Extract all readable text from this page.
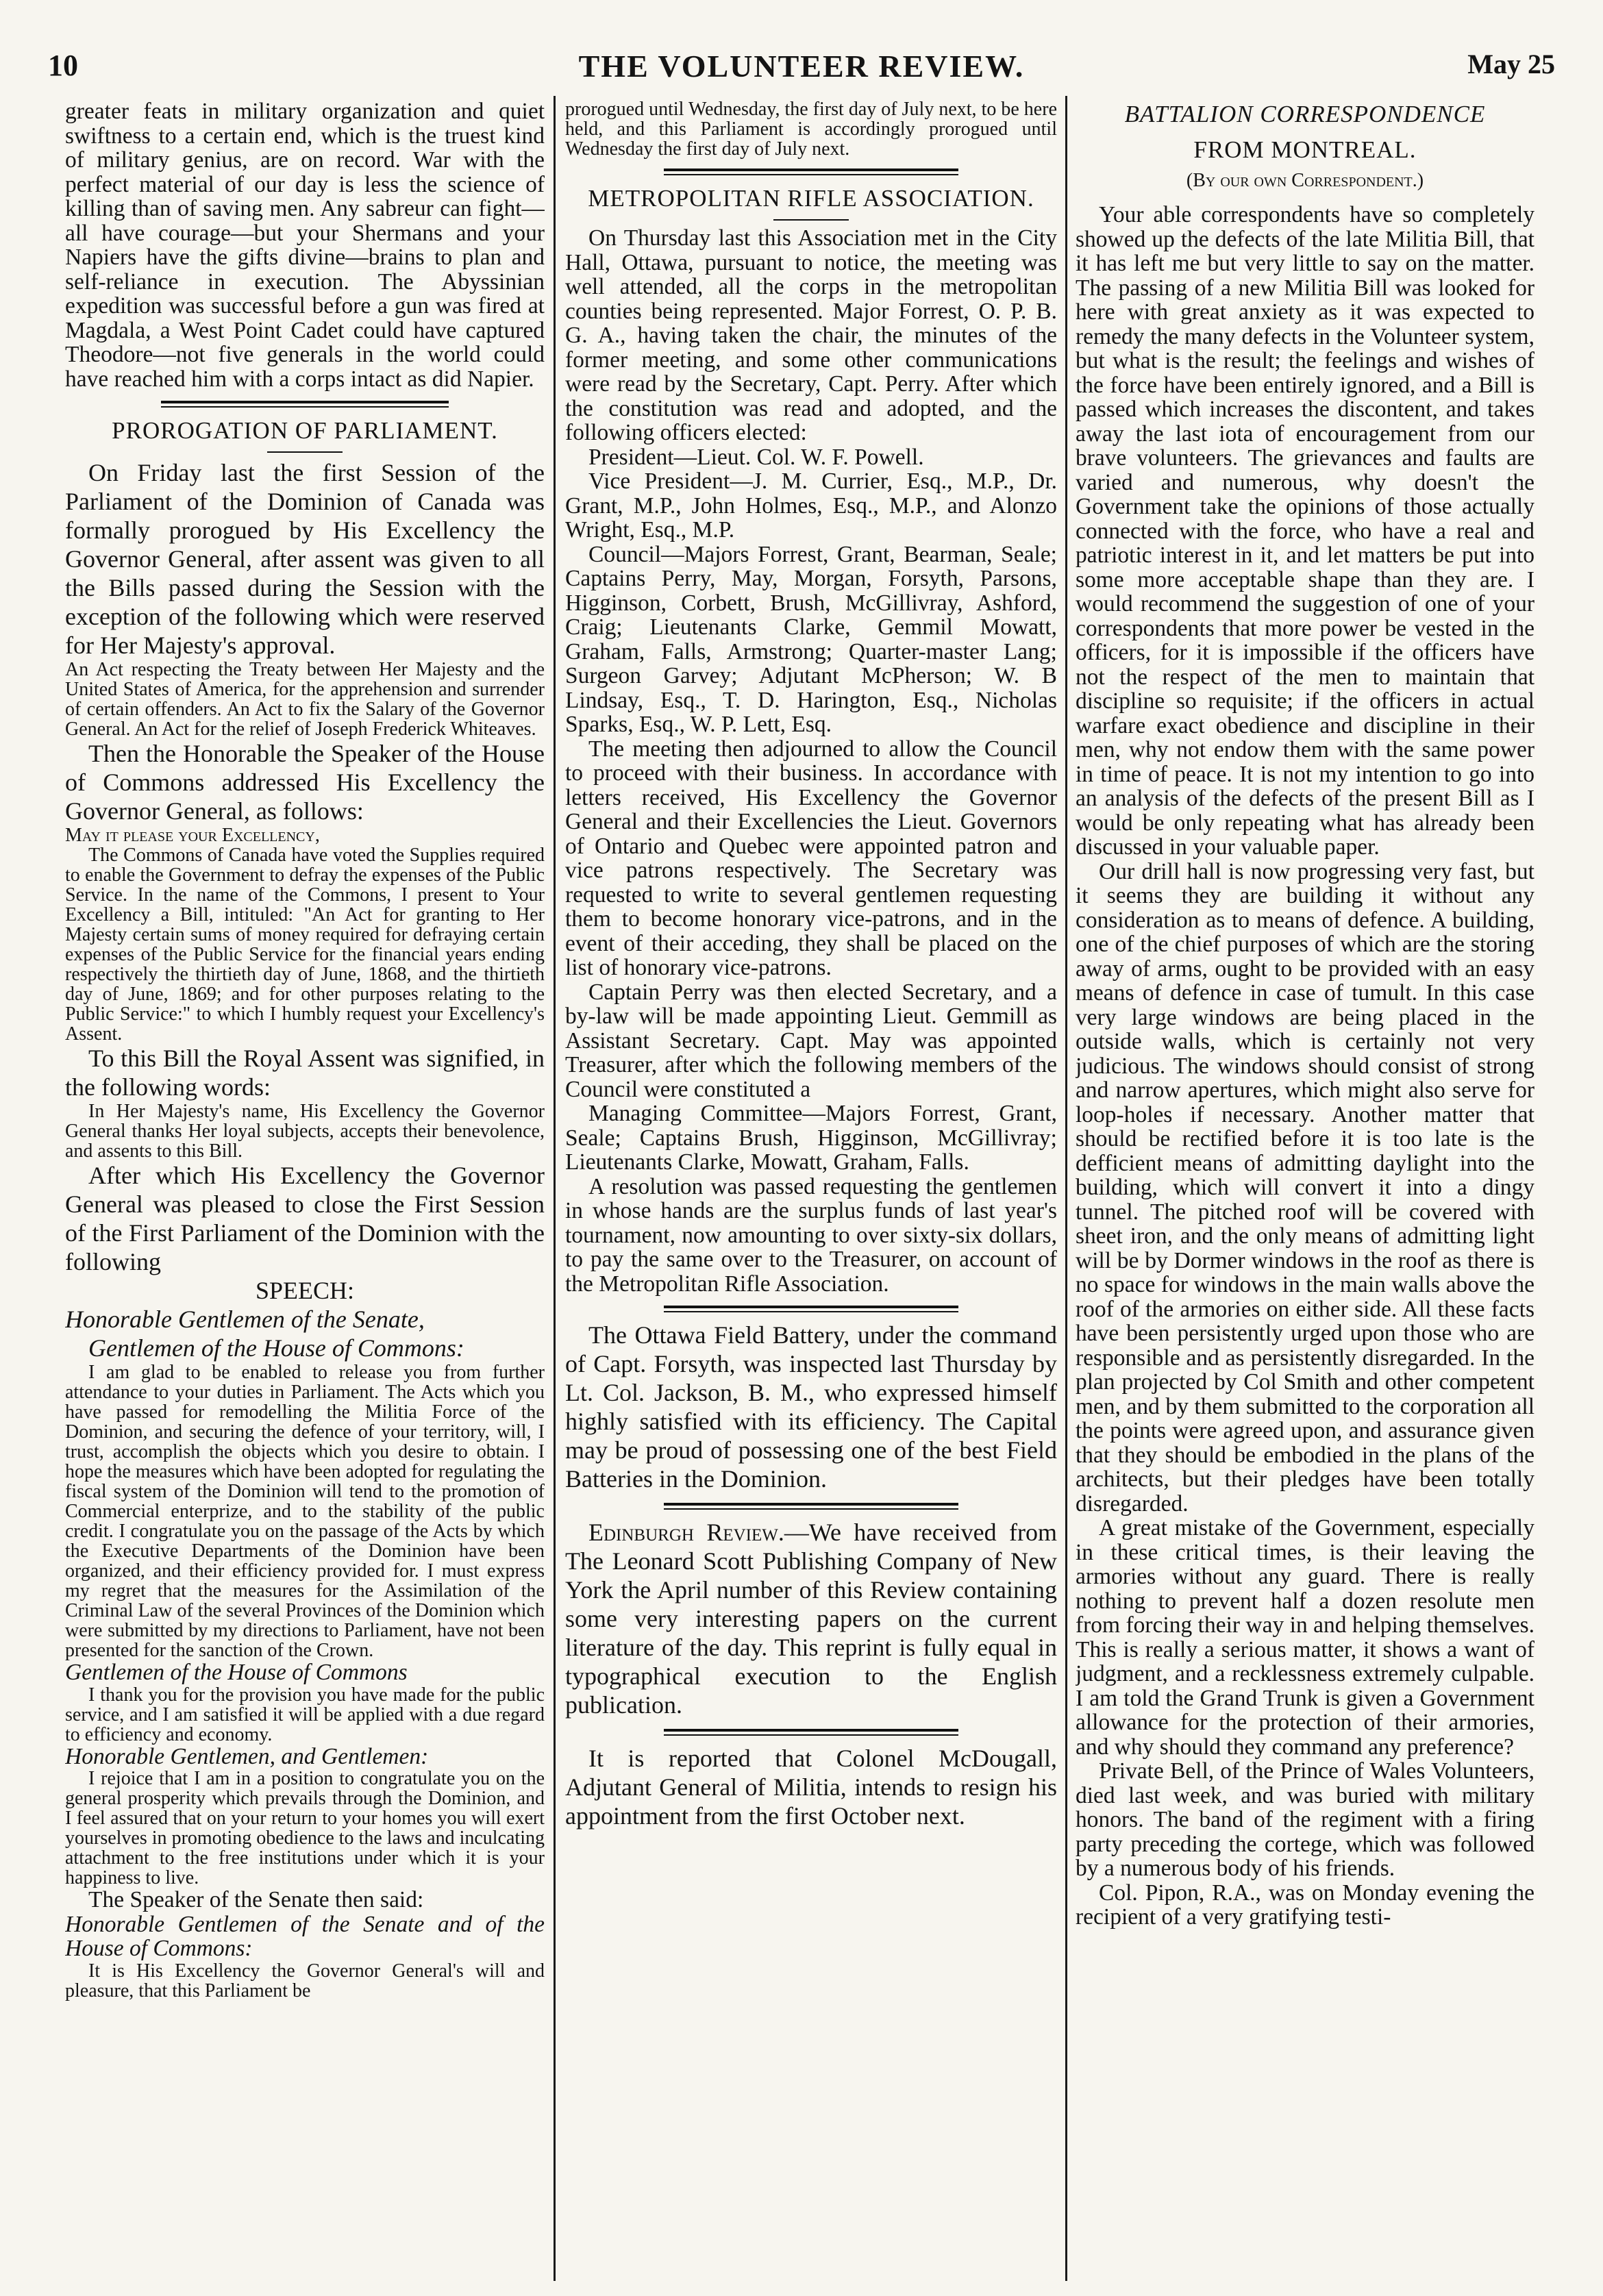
10	THE VOLUNTEER REVIEW.	May 25

greater feats in military organization and quiet swiftness to a certain end, which is the truest kind of military genius, are on record. War with the perfect material of our day is less the science of killing than of saving men. Any sabreur can fight—all have courage—but your Shermans and your Napiers have the gifts divine—brains to plan and self-reliance in execution. The Abyssinian expedition was successful before a gun was fired at Magdala, a West Point Cadet could have captured Theodore—not five generals in the world could have reached him with a corps intact as did Napier.

PROROGATION OF PARLIAMENT.

On Friday last the first Session of the Parliament of the Dominion of Canada was formally prorogued by His Excellency the Governor General, after assent was given to all the Bills passed during the Session with the exception of the following which were reserved for Her Majesty's approval.

An Act respecting the Treaty between Her Majesty and the United States of America, for the apprehension and surrender of certain offenders. An Act to fix the Salary of the Governor General. An Act for the relief of Joseph Frederick Whiteaves.

Then the Honorable the Speaker of the House of Commons addressed His Excellency the Governor General, as follows:

May it please your Excellency,

The Commons of Canada have voted the Supplies required to enable the Government to defray the expenses of the Public Service. In the name of the Commons, I present to Your Excellency a Bill, intituled: "An Act for granting to Her Majesty certain sums of money required for defraying certain expenses of the Public Service for the financial years ending respectively the thirtieth day of June, 1868, and the thirtieth day of June, 1869; and for other purposes relating to the Public Service:" to which I humbly request your Excellency's Assent.

To this Bill the Royal Assent was signified, in the following words:

In Her Majesty's name, His Excellency the Governor General thanks Her loyal subjects, accepts their benevolence, and assents to this Bill.

After which His Excellency the Governor General was pleased to close the First Session of the First Parliament of the Dominion with the following

SPEECH:

Honorable Gentlemen of the Senate,

Gentlemen of the House of Commons:

I am glad to be enabled to release you from further attendance to your duties in Parliament. The Acts which you have passed for remodelling the Militia Force of the Dominion, and securing the defence of your territory, will, I trust, accomplish the objects which you desire to obtain. I hope the measures which have been adopted for regulating the fiscal system of the Dominion will tend to the promotion of Commercial enterprize, and to the stability of the public credit. I congratulate you on the passage of the Acts by which the Executive Departments of the Dominion have been organized, and their efficiency provided for. I must express my regret that the measures for the Assimilation of the Criminal Law of the several Provinces of the Dominion which were submitted by my directions to Parliament, have not been presented for the sanction of the Crown.

Gentlemen of the House of Commons

I thank you for the provision you have made for the public service, and I am satisfied it will be applied with a due regard to efficiency and economy.

Honorable Gentlemen, and Gentlemen:

I rejoice that I am in a position to congratulate you on the general prosperity which prevails through the Dominion, and I feel assured that on your return to your homes you will exert yourselves in promoting obedience to the laws and inculcating attachment to the free institutions under which it is your happiness to live.

The Speaker of the Senate then said:

Honorable Gentlemen of the Senate and of the House of Commons:

It is His Excellency the Governor General's will and pleasure, that this Parliament be

prorogued until Wednesday, the first day of July next, to be here held, and this Parliament is accordingly prorogued until Wednesday the first day of July next.

METROPOLITAN RIFLE ASSOCIATION.

On Thursday last this Association met in the City Hall, Ottawa, pursuant to notice, the meeting was well attended, all the corps in the metropolitan counties being represented. Major Forrest, O. P. B. G. A., having taken the chair, the minutes of the former meeting, and some other communications were read by the Secretary, Capt. Perry. After which the constitution was read and adopted, and the following officers elected:

President—Lieut. Col. W. F. Powell.

Vice President—J. M. Currier, Esq., M.P., Dr. Grant, M.P., John Holmes, Esq., M.P., and Alonzo Wright, Esq., M.P.

Council—Majors Forrest, Grant, Bearman, Seale; Captains Perry, May, Morgan, Forsyth, Parsons, Higginson, Corbett, Brush, McGillivray, Ashford, Craig; Lieutenants Clarke, Gemmil Mowatt, Graham, Falls, Armstrong; Quarter-master Lang; Surgeon Garvey; Adjutant McPherson; W. B Lindsay, Esq., T. D. Harington, Esq., Nicholas Sparks, Esq., W. P. Lett, Esq.

The meeting then adjourned to allow the Council to proceed with their business. In accordance with letters received, His Excellency the Governor General and their Excellencies the Lieut. Governors of Ontario and Quebec were appointed patron and vice patrons respectively. The Secretary was requested to write to several gentlemen requesting them to become honorary vice-patrons, and in the event of their acceding, they shall be placed on the list of honorary vice-patrons.

Captain Perry was then elected Secretary, and a by-law will be made appointing Lieut. Gemmill as Assistant Secretary. Capt. May was appointed Treasurer, after which the following members of the Council were constituted a

Managing Committee—Majors Forrest, Grant, Seale; Captains Brush, Higginson, McGillivray; Lieutenants Clarke, Mowatt, Graham, Falls.

A resolution was passed requesting the gentlemen in whose hands are the surplus funds of last year's tournament, now amounting to over sixty-six dollars, to pay the same over to the Treasurer, on account of the Metropolitan Rifle Association.

The Ottawa Field Battery, under the command of Capt. Forsyth, was inspected last Thursday by Lt. Col. Jackson, B. M., who expressed himself highly satisfied with its efficiency. The Capital may be proud of possessing one of the best Field Batteries in the Dominion.

Edinburgh Review.—We have received from The Leonard Scott Publishing Company of New York the April number of this Review containing some very interesting papers on the current literature of the day. This reprint is fully equal in typographical execution to the English publication.

It is reported that Colonel McDougall, Adjutant General of Militia, intends to resign his appointment from the first October next.

BATTALION CORRESPONDENCE
FROM MONTREAL.
(By our own Correspondent.)

Your able correspondents have so completely showed up the defects of the late Militia Bill, that it has left me but very little to say on the matter. The passing of a new Militia Bill was looked for here with great anxiety as it was expected to remedy the many defects in the Volunteer system, but what is the result; the feelings and wishes of the force have been entirely ignored, and a Bill is passed which increases the discontent, and takes away the last iota of encouragement from our brave volunteers. The grievances and faults are varied and numerous, why doesn't the Government take the opinions of those actually connected with the force, who have a real and patriotic interest in it, and let matters be put into some more acceptable shape than they are. I would recommend the suggestion of one of your correspondents that more power be vested in the officers, for it is impossible if the officers have not the respect of the men to maintain that discipline so requisite; if the officers in actual warfare exact obedience and discipline in their men, why not endow them with the same power in time of peace. It is not my intention to go into an analysis of the defects of the present Bill as I would be only repeating what has already been discussed in your valuable paper.

Our drill hall is now progressing very fast, but it seems they are building it without any consideration as to means of defence. A building, one of the chief purposes of which are the storing away of arms, ought to be provided with an easy means of defence in case of tumult. In this case very large windows are being placed in the outside walls, which is certainly not very judicious. The windows should consist of strong and narrow apertures, which might also serve for loop-holes if necessary. Another matter that should be rectified before it is too late is the defficient means of admitting daylight into the building, which will convert it into a dingy tunnel. The pitched roof will be covered with sheet iron, and the only means of admitting light will be by Dormer windows in the roof as there is no space for windows in the main walls above the roof of the armories on either side. All these facts have been persistently urged upon those who are responsible and as persistently disregarded. In the plan projected by Col Smith and other competent men, and by them submitted to the corporation all the points were agreed upon, and assurance given that they should be embodied in the plans of the architects, but their pledges have been totally disregarded.

A great mistake of the Government, especially in these critical times, is their leaving the armories without any guard. There is really nothing to prevent half a dozen resolute men from forcing their way in and helping themselves. This is really a serious matter, it shows a want of judgment, and a recklessness extremely culpable. I am told the Grand Trunk is given a Government allowance for the protection of their armories, and why should they command any preference?

Private Bell, of the Prince of Wales Volunteers, died last week, and was buried with military honors. The band of the regiment with a firing party preceding the cortege, which was followed by a numerous body of his friends.

Col. Pipon, R.A., was on Monday evening the recipient of a very gratifying testi-
